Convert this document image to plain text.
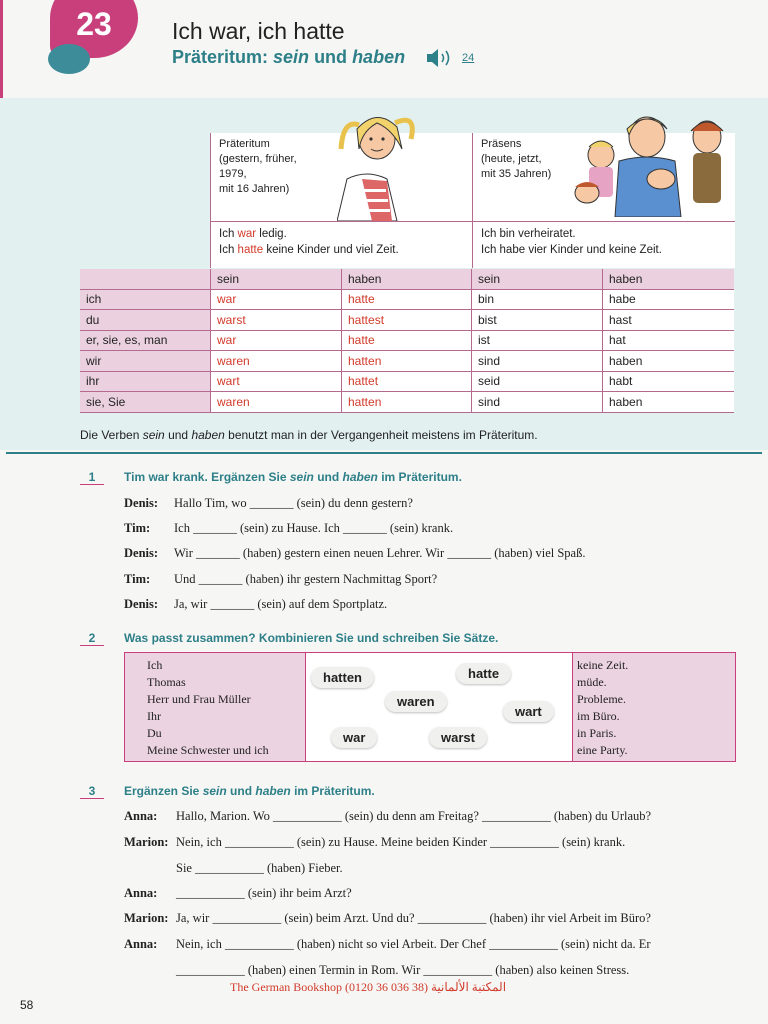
23	Ich war, ich hatte
Präteritum: sein und haben	24
Präteritum
(gestern, früher,
1979,
mit 16 Jahren)
Präsens
(heute, jetzt,
mit 35 Jahren)
Ich war ledig.
Ich hatte keine Kinder und viel Zeit.
Ich bin verheiratet.
Ich habe vier Kinder und keine Zeit.
	sein	haben	sein	haben
ich	war	hatte	bin	habe
du	warst	hattest	bist	hast
er, sie, es, man	war	hatte	ist	hat
wir	waren	hatten	sind	haben
ihr	wart	hattet	seid	habt
sie, Sie	waren	hatten	sind	haben
Die Verben sein und haben benutzt man in der Vergangenheit meistens im Präteritum.
1	Tim war krank. Ergänzen Sie sein und haben im Präteritum.
Denis: Hallo Tim, wo _______ (sein) du denn gestern?
Tim: Ich _______ (sein) zu Hause. Ich _______ (sein) krank.
Denis: Wir _______ (haben) gestern einen neuen Lehrer. Wir _______ (haben) viel Spaß.
Tim: Und _______ (haben) ihr gestern Nachmittag Sport?
Denis: Ja, wir _______ (sein) auf dem Sportplatz.
2	Was passt zusammen? Kombinieren Sie und schreiben Sie Sätze.
Ich
Thomas
Herr und Frau Müller
Ihr
Du
Meine Schwester und ich
hatten	hatte
waren
wart
war	warst
keine Zeit.
müde.
Probleme.
im Büro.
in Paris.
eine Party.
3	Ergänzen Sie sein und haben im Präteritum.
Anna: Hallo, Marion. Wo ___________ (sein) du denn am Freitag? ___________ (haben) du Urlaub?
Marion: Nein, ich ___________ (sein) zu Hause. Meine beiden Kinder ___________ (sein) krank.
Sie ___________ (haben) Fieber.
Anna: ___________ (sein) ihr beim Arzt?
Marion: Ja, wir ___________ (sein) beim Arzt. Und du? ___________ (haben) ihr viel Arbeit im Büro?
Anna: Nein, ich ___________ (haben) nicht so viel Arbeit. Der Chef ___________ (sein) nicht da. Er
___________ (haben) einen Termin in Rom. Wir ___________ (haben) also keinen Stress.
The German Bookshop (0120 36 036 38) المكتبة الألمانية
58
